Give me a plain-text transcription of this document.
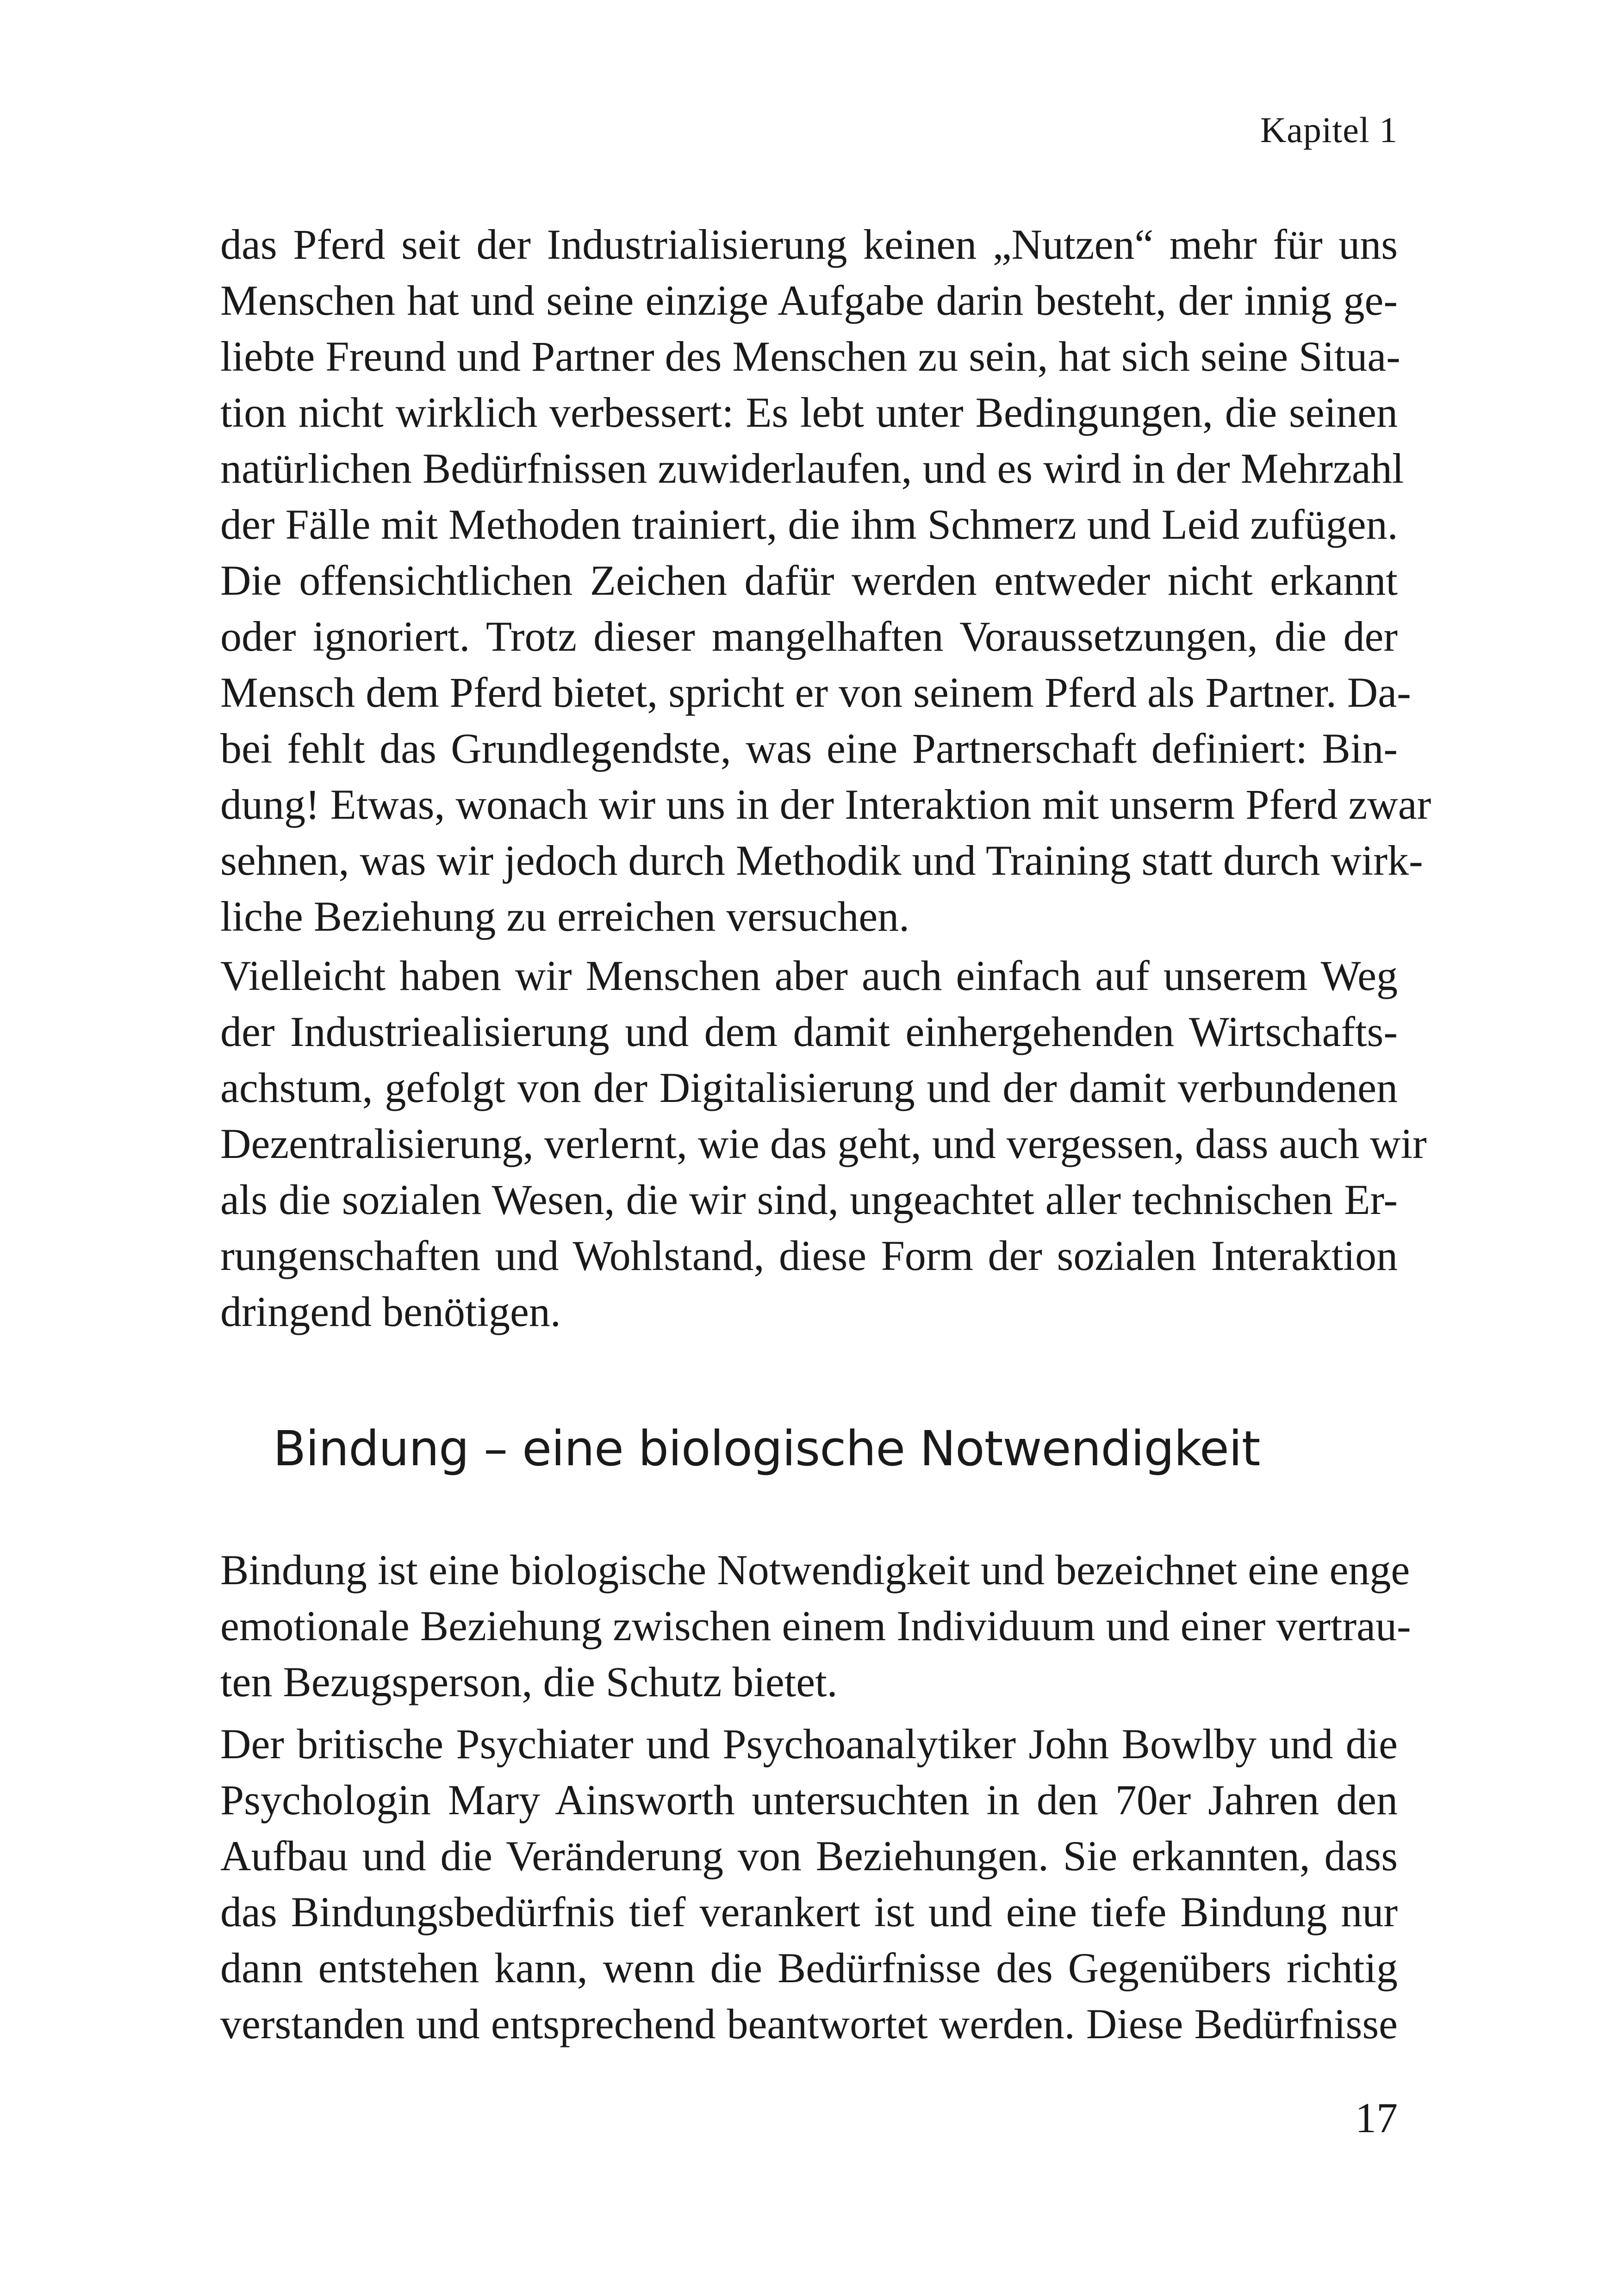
Kapitel 1
das Pferd seit der Industrialisierung keinen „Nutzen“ mehr für uns
Menschen hat und seine einzige Aufgabe darin besteht, der innig ge-
liebte Freund und Partner des Menschen zu sein, hat sich seine Situa-
tion nicht wirklich verbessert: Es lebt unter Bedingungen, die seinen
natürlichen Bedürfnissen zuwiderlaufen, und es wird in der Mehrzahl
der Fälle mit Methoden trainiert, die ihm Schmerz und Leid zufügen.
Die offensichtlichen Zeichen dafür werden entweder nicht erkannt
oder ignoriert. Trotz dieser mangelhaften Voraussetzungen, die der
Mensch dem Pferd bietet, spricht er von seinem Pferd als Partner. Da-
bei fehlt das Grundlegendste, was eine Partnerschaft definiert: Bin-
dung! Etwas, wonach wir uns in der Interaktion mit unserm Pferd zwar
sehnen, was wir jedoch durch Methodik und Training statt durch wirk-
liche Beziehung zu erreichen versuchen.
Vielleicht haben wir Menschen aber auch einfach auf unserem Weg
der Industriealisierung und dem damit einhergehenden Wirtschafts-
achstum, gefolgt von der Digitalisierung und der damit verbundenen
Dezentralisierung, verlernt, wie das geht, und vergessen, dass auch wir
als die sozialen Wesen, die wir sind, ungeachtet aller technischen Er-
rungenschaften und Wohlstand, diese Form der sozialen Interaktion
dringend benötigen.
Bindung – eine biologische Notwendigkeit
Bindung ist eine biologische Notwendigkeit und bezeichnet eine enge
emotionale Beziehung zwischen einem Individuum und einer vertrau-
ten Bezugsperson, die Schutz bietet.
Der britische Psychiater und Psychoanalytiker John Bowlby und die
Psychologin Mary Ainsworth untersuchten in den 70er Jahren den
Aufbau und die Veränderung von Beziehungen. Sie erkannten, dass
das Bindungsbedürfnis tief verankert ist und eine tiefe Bindung nur
dann entstehen kann, wenn die Bedürfnisse des Gegenübers richtig
verstanden und entsprechend beantwortet werden. Diese Bedürfnisse
17
